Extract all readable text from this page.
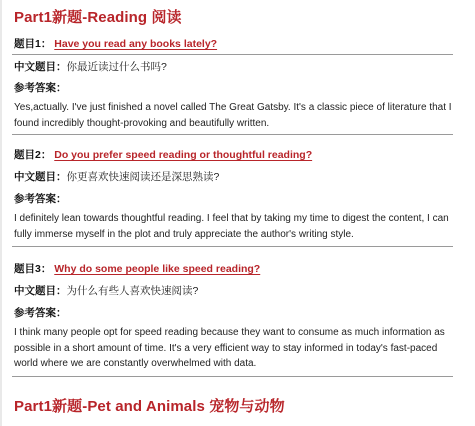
Part1新题-Reading 阅读
题目1： Have you read any books lately?
中文题目：你最近读过什么书吗?
参考答案：
Yes,actually. I've just finished a novel called The Great Gatsby. It's a classic piece of literature that I found incredibly thought-provoking and beautifully written.
题目2： Do you prefer speed reading or thoughtful reading?
中文题目：你更喜欢快速阅读还是深思熟读?
参考答案：
I definitely lean towards thoughtful reading. I feel that by taking my time to digest the content, I can fully immerse myself in the plot and truly appreciate the author's writing style.
题目3： Why do some people like speed reading?
中文题目：为什么有些人喜欢快速阅读?
参考答案：
I think many people opt for speed reading because they want to consume as much information as possible in a short amount of time. It's a very efficient way to stay informed in today's fast-paced world where we are constantly overwhelmed with data.
Part1新题-Pet and Animals 宠物与动物
